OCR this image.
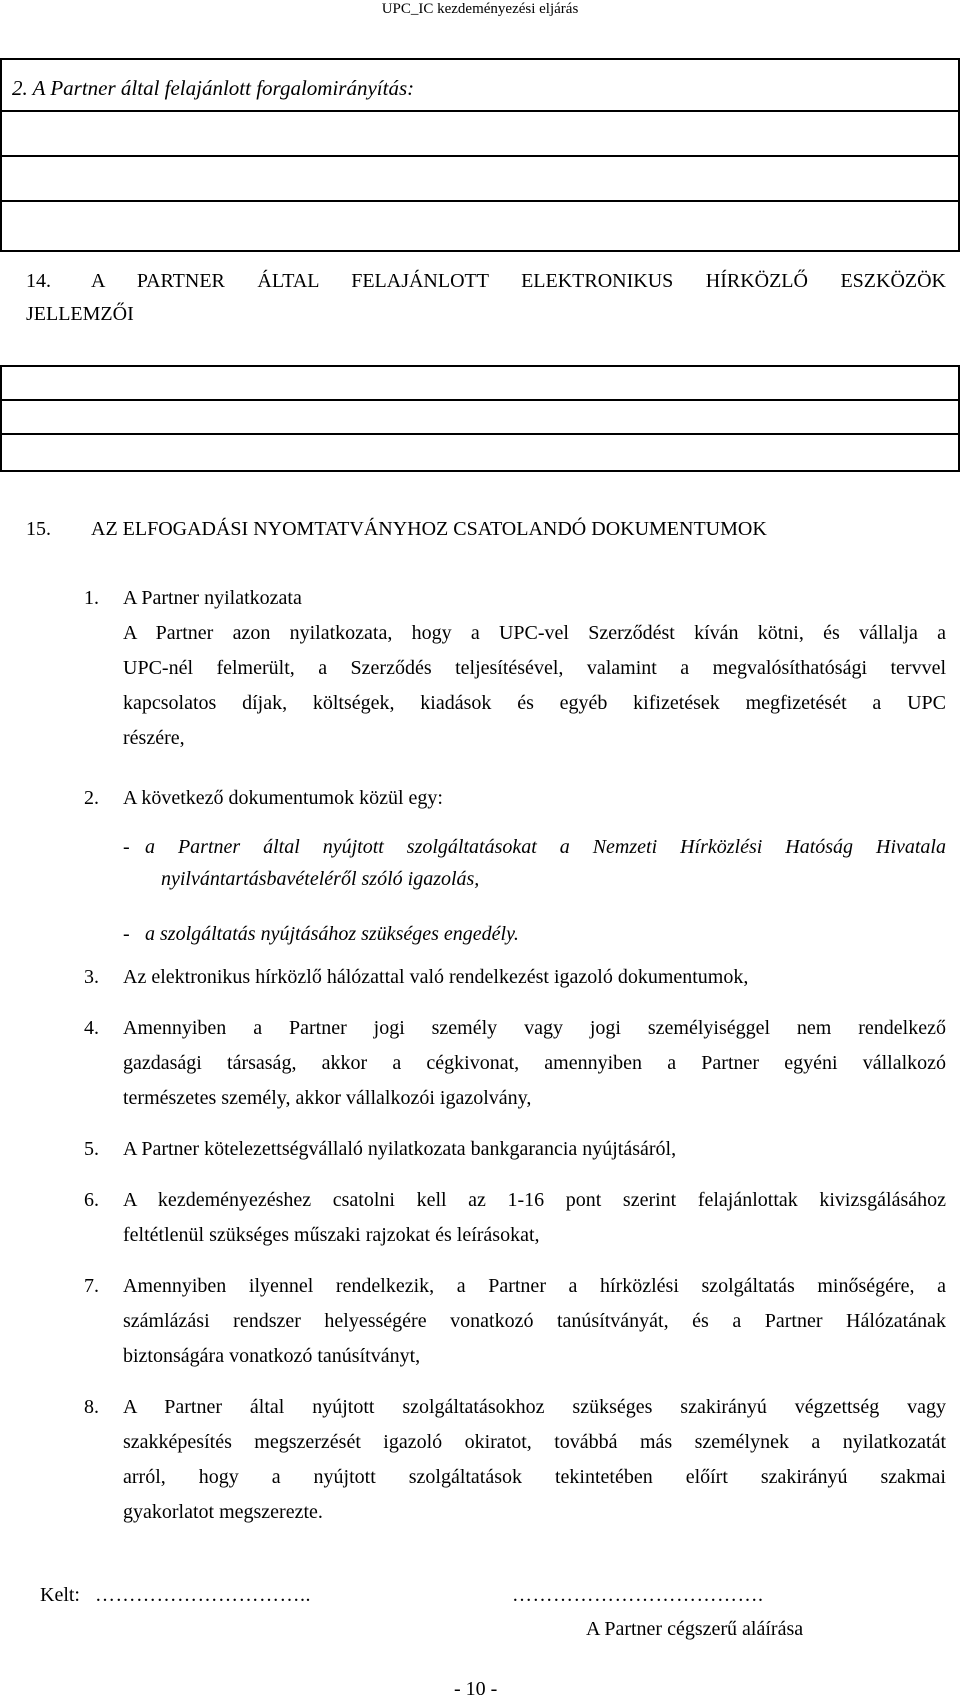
UPC_IC kezdeményezési eljárás
2. A Partner által felajánlott forgalomirányítás:
14. A PARTNER ÁLTAL FELAJÁNLOTT ELEKTRONIKUS HÍRKÖZLŐ ESZKÖZÖK
JELLEMZŐI
15. AZ ELFOGADÁSI NYOMTATVÁNYHOZ CSATOLANDÓ DOKUMENTUMOK
1. A Partner nyilatkozata
A Partner azon nyilatkozata, hogy a UPC-vel Szerződést kíván kötni, és vállalja a
UPC-nél felmerült, a Szerződés teljesítésével, valamint a megvalósíthatósági tervvel
kapcsolatos díjak, költségek, kiadások és egyéb kifizetések megfizetését a UPC
részére,
2. A következő dokumentumok közül egy:
- a Partner által nyújtott szolgáltatásokat a Nemzeti Hírközlési Hatóság Hivatala
nyilvántartásbavételéről szóló igazolás,
- a szolgáltatás nyújtásához szükséges engedély.
3. Az elektronikus hírközlő hálózattal való rendelkezést igazoló dokumentumok,
4. Amennyiben a Partner jogi személy vagy jogi személyiséggel nem rendelkező
gazdasági társaság, akkor a cégkivonat, amennyiben a Partner egyéni vállalkozó
természetes személy, akkor vállalkozói igazolvány,
5. A Partner kötelezettségvállaló nyilatkozata bankgarancia nyújtásáról,
6. A kezdeményezéshez csatolni kell az 1-16 pont szerint felajánlottak kivizsgálásához
feltétlenül szükséges műszaki rajzokat és leírásokat,
7. Amennyiben ilyennel rendelkezik, a Partner a hírközlési szolgáltatás minőségére, a
számlázási rendszer helyességére vonatkozó tanúsítványát, és a Partner Hálózatának
biztonságára vonatkozó tanúsítványt,
8. A Partner által nyújtott szolgáltatásokhoz szükséges szakirányú végzettség vagy
szakképesítés megszerzését igazoló okiratot, továbbá más személynek a nyilatkozatát
arról, hogy a nyújtott szolgáltatások tekintetében előírt szakirányú szakmai
gyakorlatot megszerezte.
Kelt: …………………………..	……………………………….
A Partner cégszerű aláírása
- 10 -
